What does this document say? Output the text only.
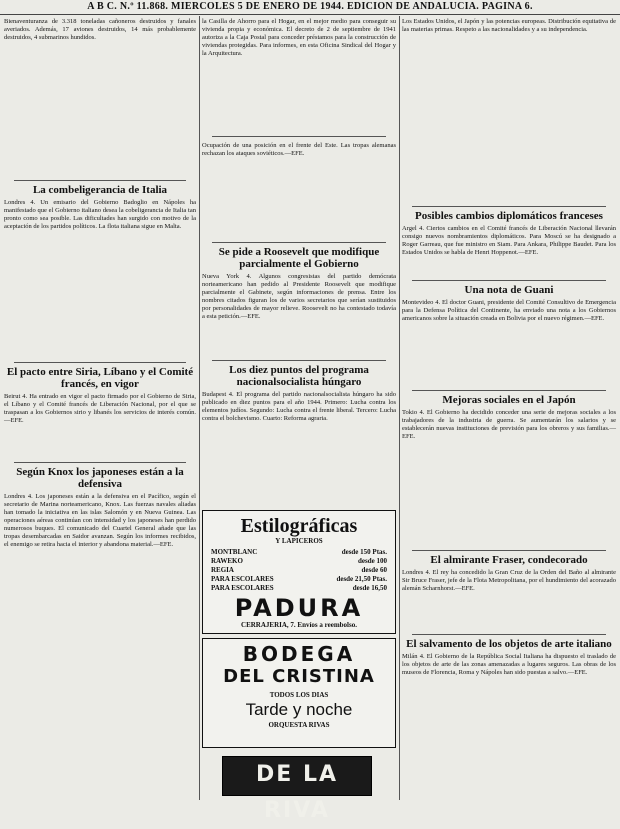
A B C. N.º 11.868. MIERCOLES 5 DE ENERO DE 1944. EDICION DE ANDALUCIA. PAGINA 6.

Bienaventuranza de 3.318 toneladas cañoneros destruidos y fanales averiados. Además, 17 aviones destruidos, 14 más probablemente destruidos, 4 submarinos hundidos.

La combeligerancia de Italia

Londres 4. Un emisario del Gobierno Badoglio en Nápoles ha manifestado que el Gobierno italiano desea la cobeligerancia de Italia tan pronto como sea posible. Las dificultades han surgido con motivo de la aceptación de los partidos políticos. La flota italiana sigue en Malta.

El pacto entre Siria, Líbano y el Comité francés, en vigor

Beirut 4. Ha entrado en vigor el pacto firmado por el Gobierno de Siria, el Líbano y el Comité francés de Liberación Nacional, por el que se traspasan a los Gobiernos sirio y libanés los servicios de interés común.—EFE.

Según Knox los japoneses están a la defensiva

Londres 4. Los japoneses están a la defensiva en el Pacífico, según el secretario de Marina norteamericano, Knox. Las fuerzas navales aliadas han tomado la iniciativa en las islas Salomón y en Nueva Guinea. Las operaciones aéreas continúan con intensidad y los japoneses han perdido numerosos buques. El comunicado del Cuartel General añade que las tropas desembarcadas en Saidor avanzan. Según los informes recibidos, el enemigo se retira hacia el interior y abandona material.—EFE.

la Casilla de Ahorro para el Hogar, en el mejor medio para conseguir su vivienda propia y económica. El decreto de 2 de septiembre de 1941 autoriza a la Caja Postal para conceder préstamos para la construcción de viviendas protegidas. Para informes, en esta Oficina Sindical del Hogar y la Arquitectura.

Ocupación de una posición en el frente del Este. Las tropas alemanas rechazan los ataques soviéticos.—EFE.

Se pide a Roosevelt que modifique parcialmente el Gobierno

Nueva York 4. Algunos congresistas del partido demócrata norteamericano han pedido al Presidente Roosevelt que modifique parcialmente el Gabinete, según informaciones de prensa. Entre los nombres citados figuran los de varios secretarios que serían sustituidos por personalidades de mayor relieve. Roosevelt no ha contestado todavía a esta petición.—EFE.

Los diez puntos del programa nacionalsocialista húngaro

Budapest 4. El programa del partido nacionalsocialista húngaro ha sido publicado en diez puntos para el año 1944. Primero: Lucha contra los elementos judíos. Segundo: Lucha contra el frente liberal. Tercero: Lucha contra el bolchevismo. Cuarto: Reforma agraria.

Estilográficas

Y LAPICEROS

MONTBLANC	desde 150 Ptas.
RAWEKO	desde 100
REGIA	desde 60
PARA ESCOLARES	desde 21,50 Ptas.
PARA ESCOLARES	desde 16,50

PADURA

CERRAJERIA, 7. Envíos a reembolso.

BODEGA

DEL CRISTINA

TODOS LOS DIAS

Tarde y noche

ORQUESTA RIVAS

DE LA RIVA

Los Estados Unidos, el Japón y las potencias europeas. Distribución equitativa de las materias primas. Respeto a las nacionalidades y a su independencia.

Posibles cambios diplomáticos franceses

Argel 4. Ciertos cambios en el Comité francés de Liberación Nacional llevarán consigo nuevos nombramientos diplomáticos. Para Moscú se ha designado a Roger Garreau, que fue ministro en Siam. Para Ankara, Philippe Baudet. Para los Estados Unidos se habla de Henri Hoppenot.—EFE.

Una nota de Guani

Montevideo 4. El doctor Guani, presidente del Comité Consultivo de Emergencia para la Defensa Política del Continente, ha enviado una nota a los Gobiernos americanos sobre la situación creada en Bolivia por el nuevo régimen.—EFE.

Mejoras sociales en el Japón

Tokio 4. El Gobierno ha decidido conceder una serie de mejoras sociales a los trabajadores de la industria de guerra. Se aumentarán los salarios y se establecerán nuevas instituciones de previsión para los obreros y sus familias.—EFE.

El almirante Fraser, condecorado

Londres 4. El rey ha concedido la Gran Cruz de la Orden del Baño al almirante Sir Bruce Fraser, jefe de la Flota Metropolitana, por el hundimiento del acorazado alemán Scharnhorst.—EFE.

El salvamento de los objetos de arte italiano

Milán 4. El Gobierno de la República Social Italiana ha dispuesto el traslado de los objetos de arte de las zonas amenazadas a lugares seguros. Las obras de los museos de Florencia, Roma y Nápoles han sido puestas a salvo.—EFE.
